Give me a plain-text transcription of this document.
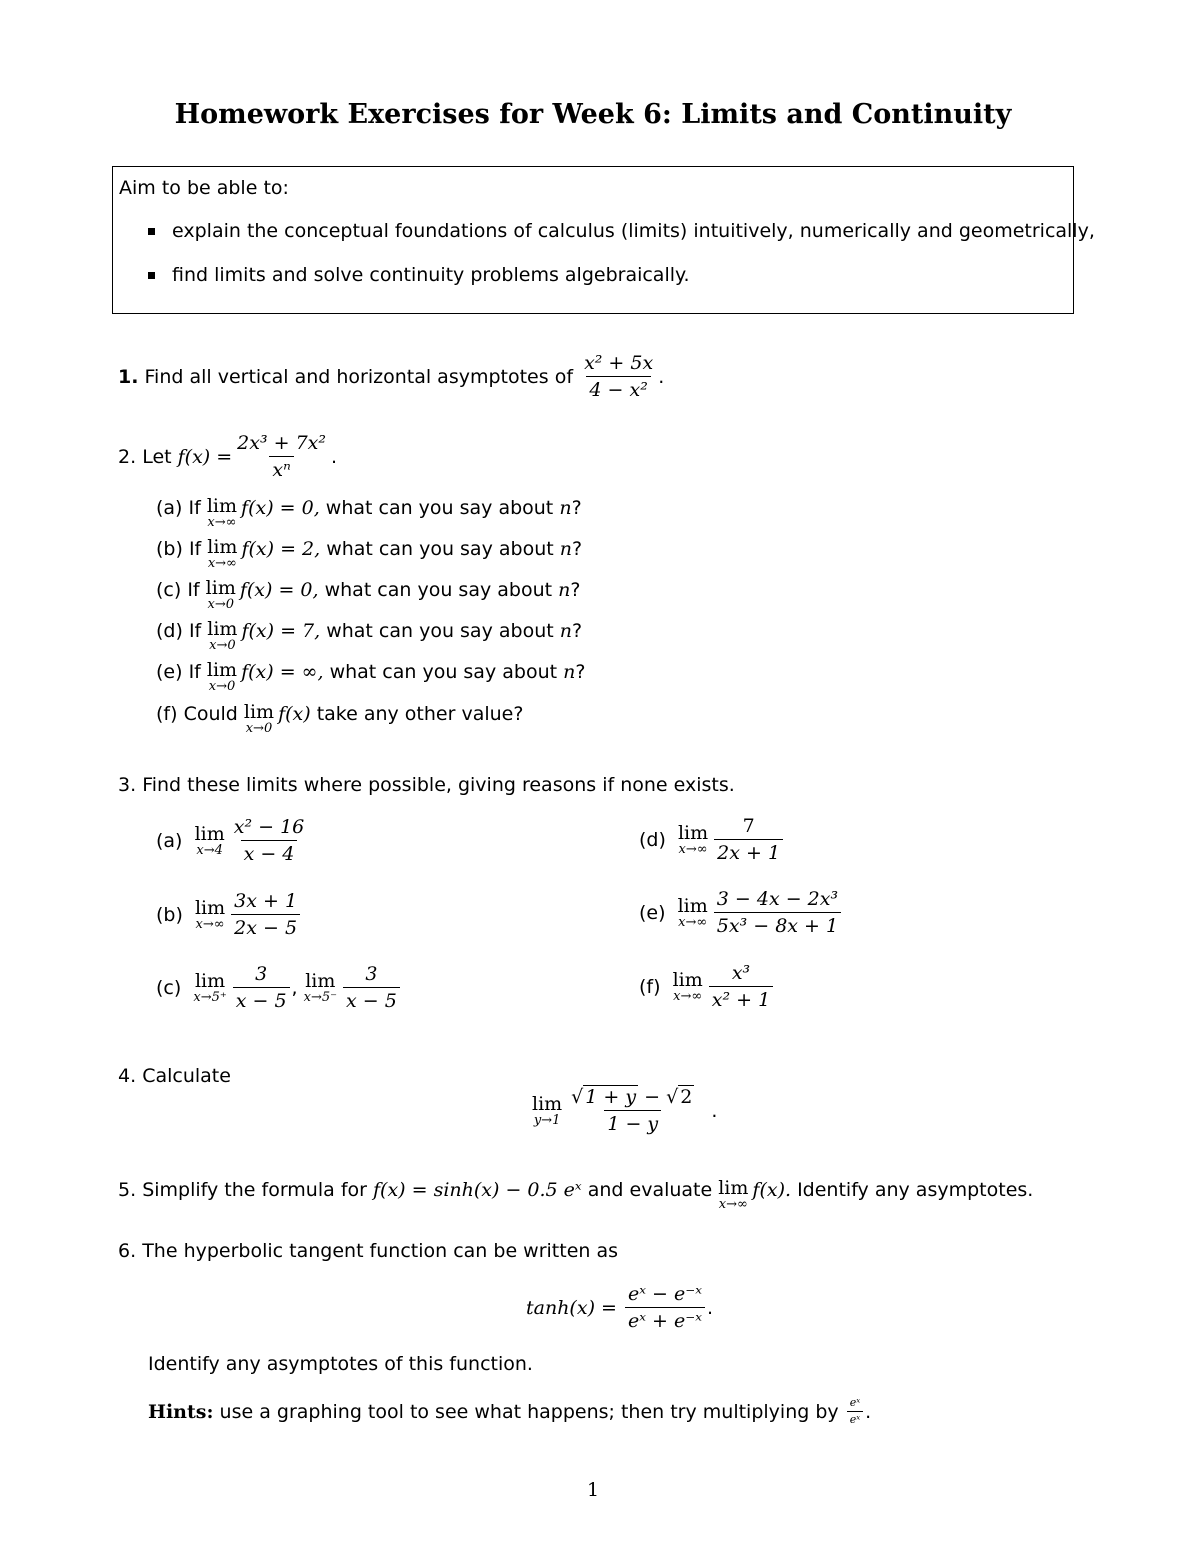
Homework Exercises for Week 6: Limits and Continuity
Aim to be able to:
explain the conceptual foundations of calculus (limits) intuitively, numerically and geometrically,
find limits and solve continuity problems algebraically.
1.
Find all vertical and horizontal asymptotes of
$\frac{\text{x² + 5x}}{\text{4 − x²}}$ .
2.
Let
$f(x) = \frac{\text{2x³ + 7x²}}{\text{xⁿ}}$ .
(a) If lim
x→∞
f(x) = 0, what can you say about n?
(b) If lim
x→∞
f(x) = 2, what can you say about n?
(c) If lim
x→0
f(x) = 0, what can you say about n?
(d) If lim
x→0
f(x) = 7, what can you say about n?
(e) If lim
x→0
f(x) = ∞, what can you say about n?
(f) Could lim
x→0
f(x) take any other value?
3. Find these limits where possible, giving reasons if none exists.
(a)
lim
$x\to 4 \frac{\text{x² − 16}}{x - 4}$
(b)
lim
$x\to\infty \frac{3x + 1}{2x - 5}$
(c)
lim
$x\to 5^+ \frac{3}{x - 5}$ , lim
$x\to 5^- \frac{3}{x - 5}$
(d)
lim
$x\to\infty \frac{7}{2x + 1}$
(e)
lim
$x\to\infty \frac{\text{3 − 4x − 2x³}}{\text{5x³ − 8x + 1}}$
(f)
lim
$x\to\infty \frac{\text{x³}}{\text{x² + 1}}$
4. Calculate
lim
$y\to 1 \frac{√ 1 + y - √ 2}{1 - y}$
.
5. Simplify the formula for f(x) = sinh(x) − 0.5 eˣ and evaluate lim
x→∞
f(x). Identify any asymptotes.
6. The hyperbolic tangent function can be written as
tanh(x) =
$\frac{\text{eˣ − e⁻ˣ}}{\text{eˣ + e⁻ˣ}}$ .
Identify any asymptotes of this function.
Hints:
use a graphing tool to see what happens; then try multiplying by
$\frac{\text{eˣ}}{\text{eˣ}}$ .
1
